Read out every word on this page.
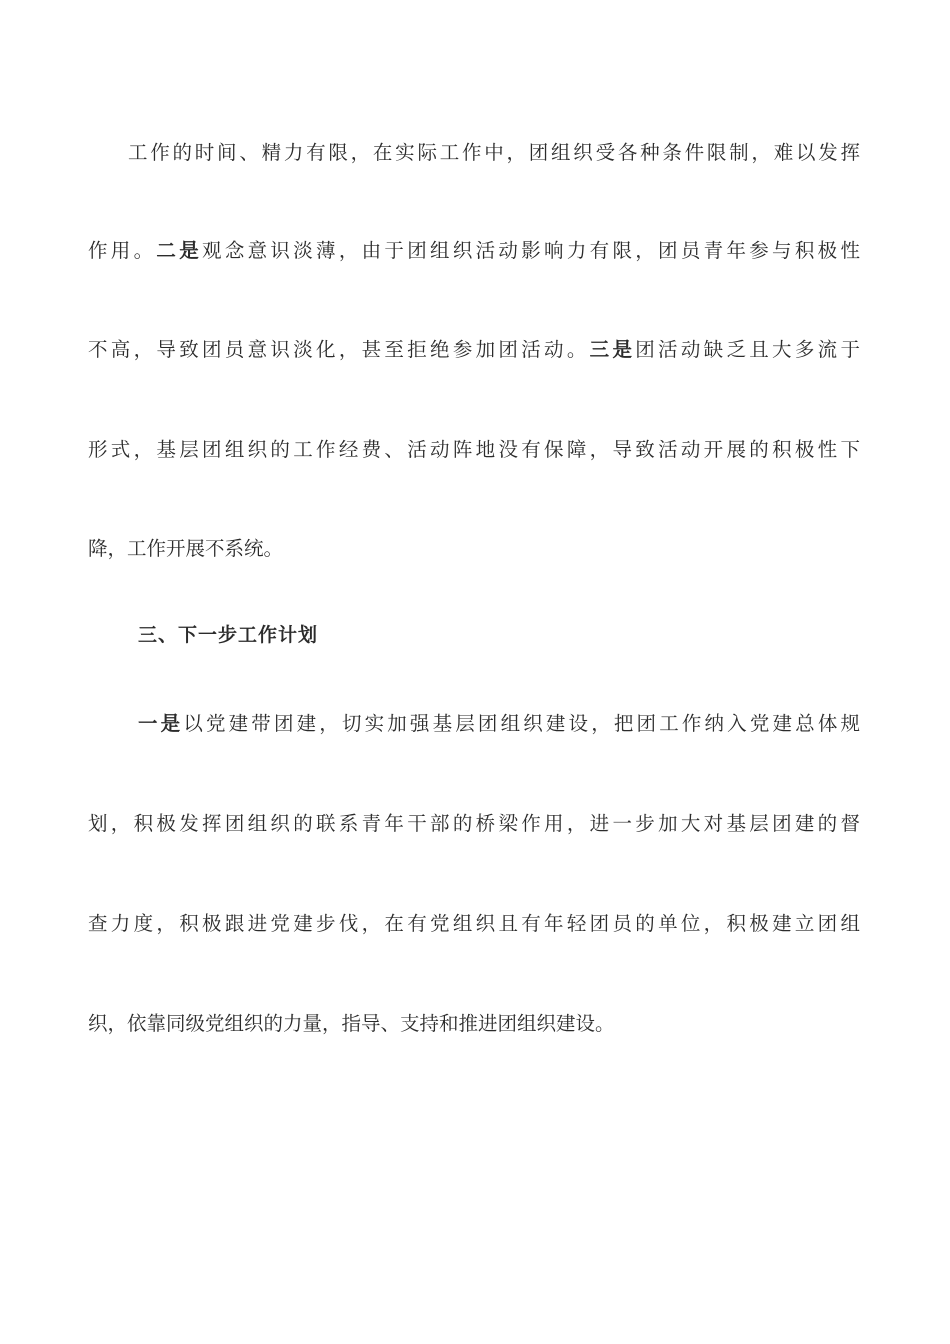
工作的时间、精力有限，在实际工作中，团组织受各种条件限制，难以发挥
作用。二是观念意识淡薄，由于团组织活动影响力有限，团员青年参与积极性
不高，导致团员意识淡化，甚至拒绝参加团活动。三是团活动缺乏且大多流于
形式，基层团组织的工作经费、活动阵地没有保障，导致活动开展的积极性下
降，工作开展不系统。
三、下一步工作计划
一是以党建带团建，切实加强基层团组织建设，把团工作纳入党建总体规
划，积极发挥团组织的联系青年干部的桥梁作用，进一步加大对基层团建的督
查力度，积极跟进党建步伐，在有党组织且有年轻团员的单位，积极建立团组
织，依靠同级党组织的力量，指导、支持和推进团组织建设。
